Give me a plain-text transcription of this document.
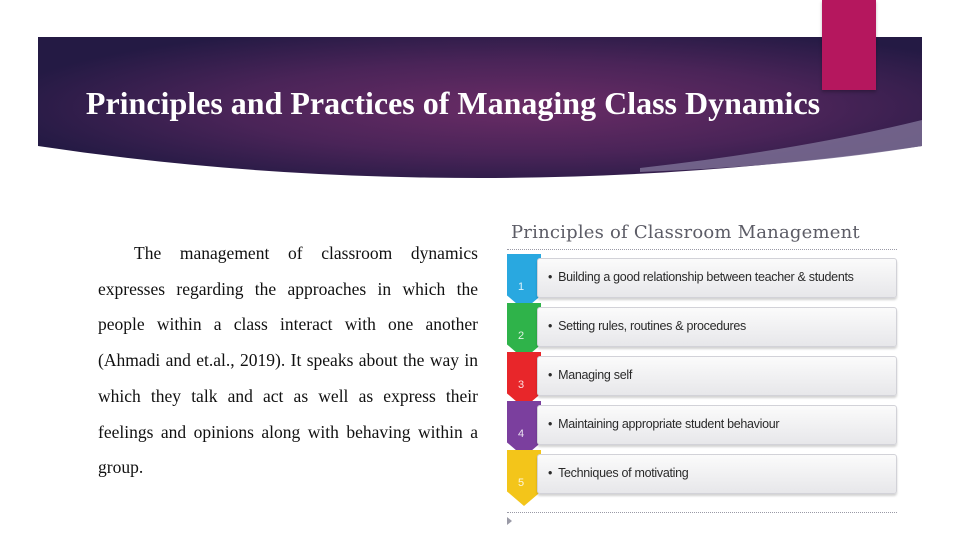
Principles and Practices of Managing Class Dynamics

The management of classroom dynamics expresses regarding the approaches in which the people within a class interact with one another (Ahmadi and et.al., 2019). It speaks about the way in which they talk and act as well as express their feelings and opinions along with behaving within a group.

Principles of Classroom Management
1
• Building a good relationship between teacher & students
2
• Setting rules, routines & procedures
3
• Managing self
4
• Maintaining appropriate student behaviour
5
• Techniques of motivating
